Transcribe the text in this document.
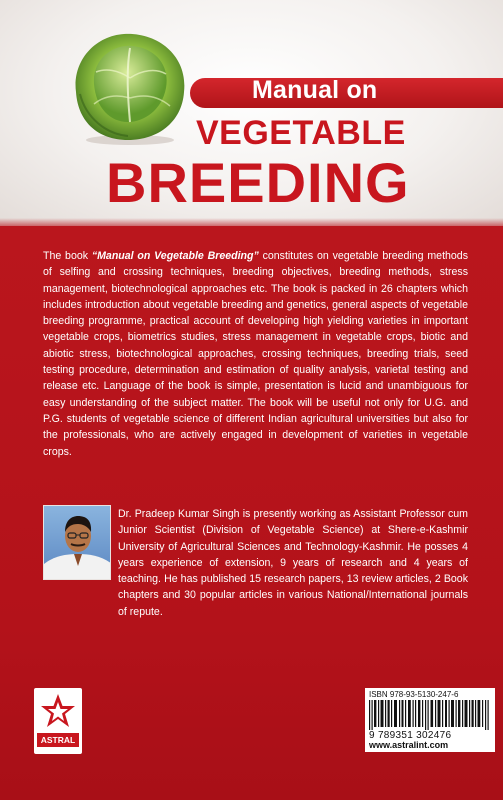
Manual on
VEGETABLE
BREEDING

The book “Manual on Vegetable Breeding” constitutes on vegetable breeding methods of selfing and crossing techniques, breeding objectives, breeding methods, stress management, biotechnological approaches etc. The book is packed in 26 chapters which includes introduction about vegetable breeding and genetics, general aspects of vegetable breeding programme, practical account of developing high yielding varieties in important vegetable crops, biometrics studies, stress management in vegetable crops, biotic and abiotic stress, biotechnological approaches, crossing techniques, breeding trials, seed testing procedure, determination and estimation of quality analysis, varietal testing and release etc. Language of the book is simple, presentation is lucid and unambiguous for easy understanding of the subject matter. The book will be useful not only for U.G. and P.G. students of vegetable science of different Indian agricultural universities but also for the professionals, who are actively engaged in development of varieties in vegetable crops.

Dr. Pradeep Kumar Singh is presently working as Assistant Professor cum Junior Scientist (Division of Vegetable Science) at Shere-e-Kashmir University of Agricultural Sciences and Technology-Kashmir. He posses 4 years experience of extension, 9 years of research and 4 years of teaching. He has published 15 research papers, 13 review articles, 2 Book chapters and 30 popular articles in various National/International journals of repute.

ASTRAL
ISBN 978-93-5130-247-6
9 789351 302476
www.astralint.com
